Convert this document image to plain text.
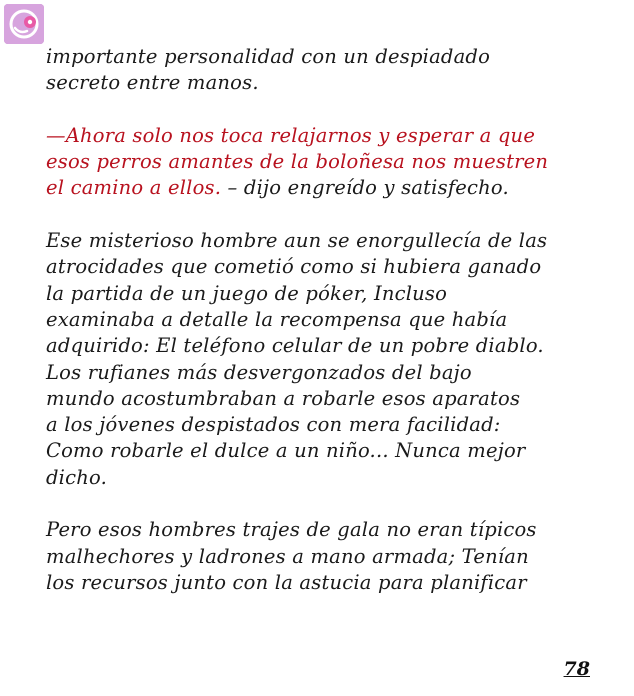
importante personalidad con un despiadado
secreto entre manos.

—Ahora solo nos toca relajarnos y esperar a que
esos perros amantes de la boloñesa nos muestren
el camino a ellos. – dijo engreído y satisfecho.

Ese misterioso hombre aun se enorgullecía de las
atrocidades que cometió como si hubiera ganado
la partida de un juego de póker, Incluso
examinaba a detalle la recompensa que había
adquirido: El teléfono celular de un pobre diablo.
Los rufianes más desvergonzados del bajo
mundo acostumbraban a robarle esos aparatos
a los jóvenes despistados con mera facilidad:
Como robarle el dulce a un niño... Nunca mejor
dicho.

Pero esos hombres trajes de gala no eran típicos
malhechores y ladrones a mano armada; Tenían
los recursos junto con la astucia para planificar

78
